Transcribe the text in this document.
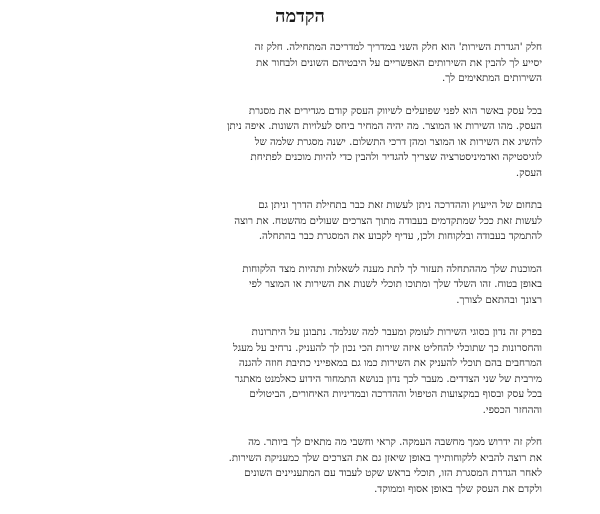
הקדמה

חלק 'הגדרת השירות' הוא חלק השני במדריך למדריכה המתחילה. חלק זה
יסייע לך להבין את השירותים האפשריים על היבטיהם השונים ולבחור את
השירותים המתאימים לך.

בכל עסק באשר הוא לפני שפועלים לשיווק העסק קודם מגדירים את מסגרת
העסק. מהו השירות או המוצר. מה יהיה המחיר ביחס לעלויות השונות. איפה ניתן
להשיג את השירות או המוצר ומהן דרכי התשלום. ישנה מסגרת שלמה של
לוגיסטיקה ואדמיניסטרציה שצריך להגדיר ולהבין כדי להיות מוכנים לפתיחת
העסק.

בתחום של הייעוץ וההדרכה ניתן לעשות זאת כבר בתחילת הדרך וניתן גם
לעשות זאת ככל שמתקדמים בעבודה מתוך הצרכים שעולים מהשטח. את רוצה
להתמקד בעבודה ובלקוחות ולכן, עדיף לקבוע את המסגרת כבר בהתחלה.

המוכנות שלך מההתחלה תעזור לך לתת מענה לשאלות ותהיות מצד הלקוחות
באופן בטוח. זהו השלד שלך ומתוכו תוכלי לשנות את השירות או המוצר לפי
רצונך ובהתאם לצורך.

בפרק זה נדון בסוגי השירות לעומק ומעבר למה שנלמד. נתבונן על היתרונות
והחסרונות כך שתוכלי להחליט איזה שירות הכי נכון לך להעניק. נרחיב על מעגל
המרחבים בהם תוכלי להעניק את השירות כמו גם במאפייני כתיבת חוזה להגנה
מירבית של שני הצדדים. מעבר לכך נדון בנושא התמחור הידוע כאלמנט מאתגר
בכל עסק ובסוף במקצועות הטיפול וההדרכה ובמדיניות האיחורים, הביטולים
וההחזר הכספי.

חלק זה ידרוש ממך מחשבה העמקה. קראי וחשבי מה מתאים לך ביותר. מה
את רוצה להביא ללקוחותייך באופן שיאזן גם את הצרכים שלך כמעניקת השירות.
לאחר הגדרת המסגרת הזו, תוכלי בראש שקט לעבוד עם המתעניינים השונים
ולקדם את העסק שלך באופן אסוף וממוקד.
